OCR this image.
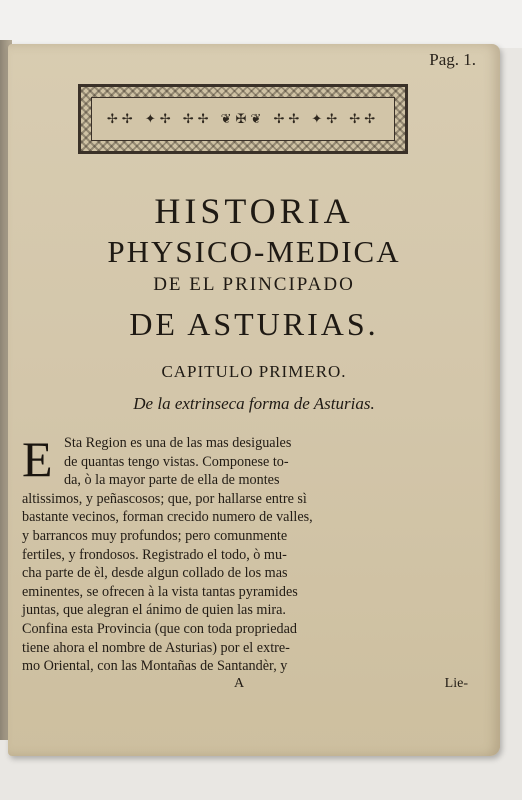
Pag. 1.
✢✢ ✦✢ ✢✢ ❦✠❦ ✢✢ ✦✢ ✢✢
HISTORIA
PHYSICO-MEDICA
DE EL PRINCIPADO
DE ASTURIAS.
CAPITULO PRIMERO.
De la extrinseca forma de Asturias.
E Sta Region es una de las mas desiguales
de quantas tengo vistas. Componese to-
da, ò la mayor parte de ella de montes
altissimos, y peñascosos; que, por hallarse entre sì
bastante vecinos, forman crecido numero de valles,
y barrancos muy profundos; pero comunmente
fertiles, y frondosos. Registrado el todo, ò mu-
cha parte de èl, desde algun collado de los mas
eminentes, se ofrecen à la vista tantas pyramides
juntas, que alegran el ánimo de quien las mira.
Confina esta Provincia (que con toda propriedad
tiene ahora el nombre de Asturias) por el extre-
mo Oriental, con las Montañas de Santandèr, y
A	Lie-
